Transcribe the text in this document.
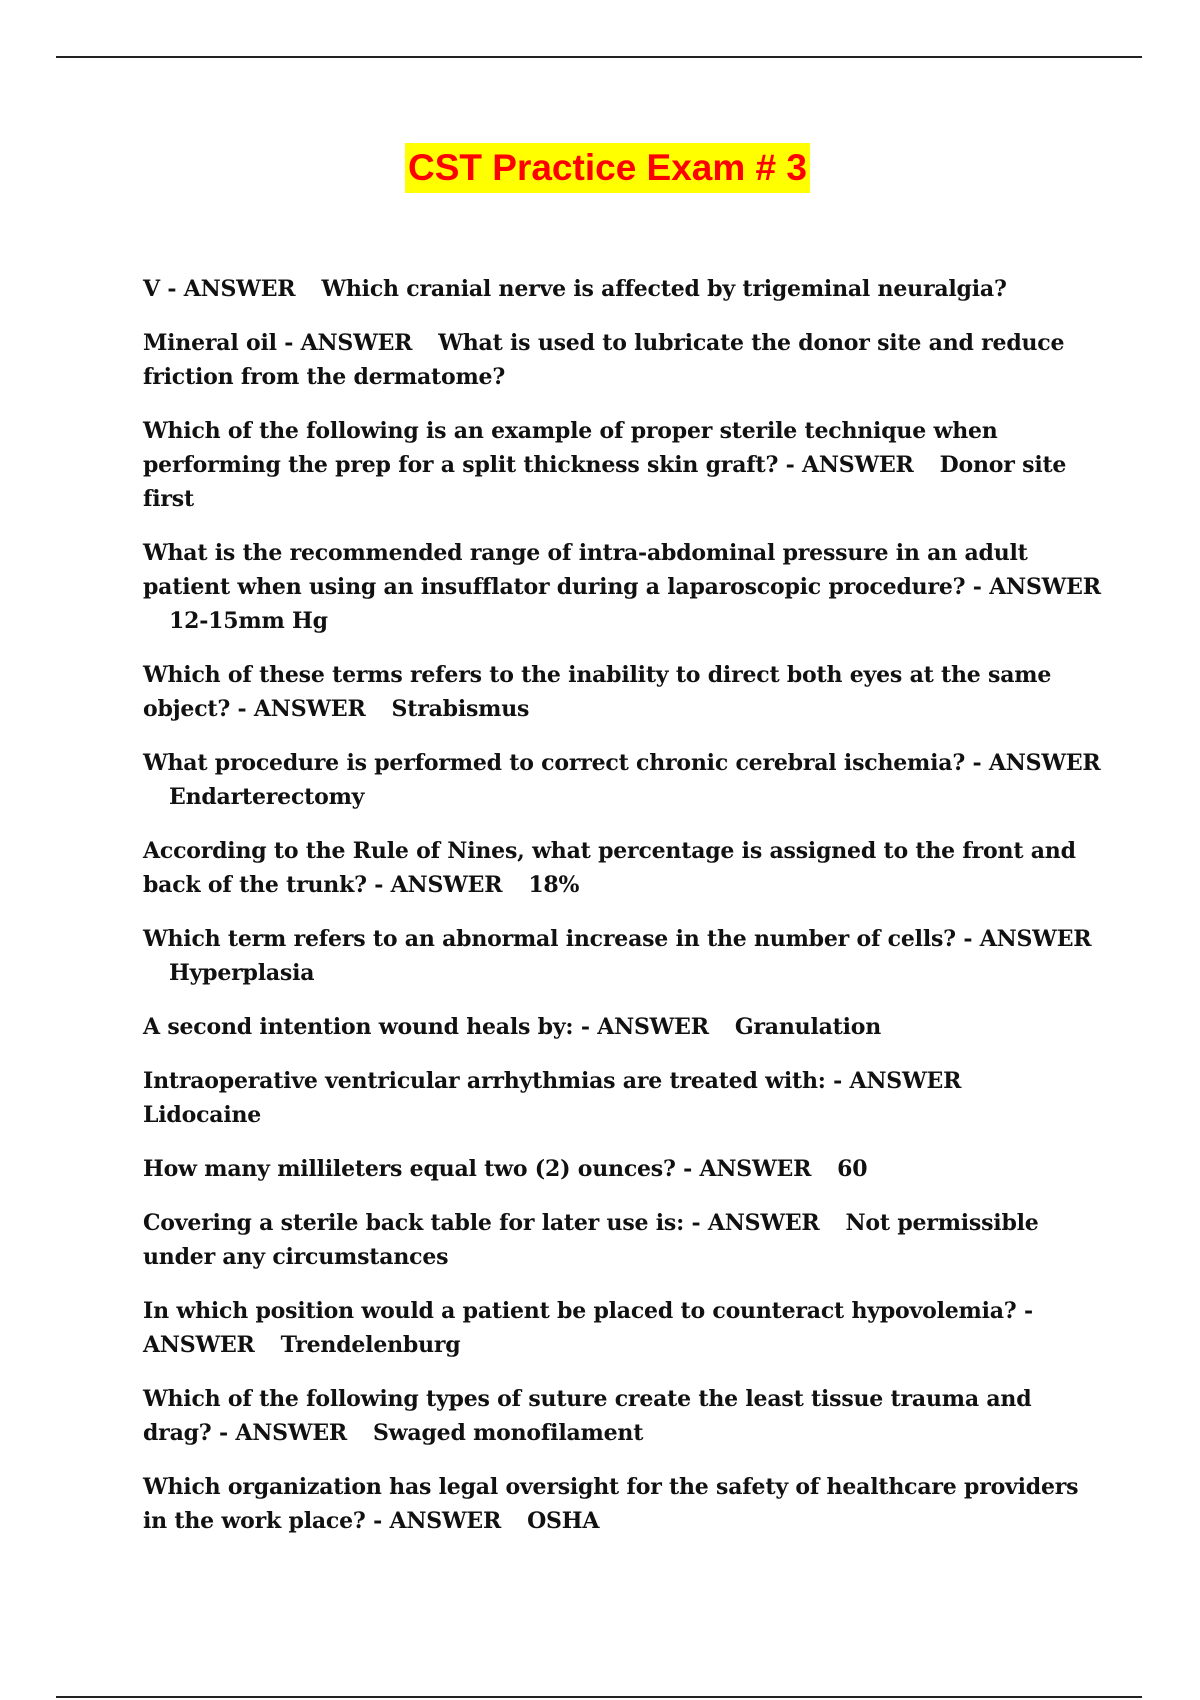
CST Practice Exam # 3
V - ANSWER Which cranial nerve is affected by trigeminal neuralgia?
Mineral oil - ANSWER What is used to lubricate the donor site and reduce friction from the dermatome?
Which of the following is an example of proper sterile technique when performing the prep for a split thickness skin graft? - ANSWER Donor site first
What is the recommended range of intra-abdominal pressure in an adult patient when using an insufflator during a laparoscopic procedure? - ANSWER12-15mm Hg
Which of these terms refers to the inability to direct both eyes at the same object? - ANSWER Strabismus
What procedure is performed to correct chronic cerebral ischemia? - ANSWEREndarterectomy
According to the Rule of Nines, what percentage is assigned to the front and back of the trunk? - ANSWER 18%
Which term refers to an abnormal increase in the number of cells? - ANSWERHyperplasia
A second intention wound heals by: - ANSWER Granulation
Intraoperative ventricular arrhythmias are treated with: - ANSWERLidocaine
How many millileters equal two (2) ounces? - ANSWER 60
Covering a sterile back table for later use is: - ANSWER Not permissible under any circumstances
In which position would a patient be placed to counteract hypovolemia? - ANSWER Trendelenburg
Which of the following types of suture create the least tissue trauma and drag? - ANSWER Swaged monofilament
Which organization has legal oversight for the safety of healthcare providers in the work place? - ANSWER OSHA
